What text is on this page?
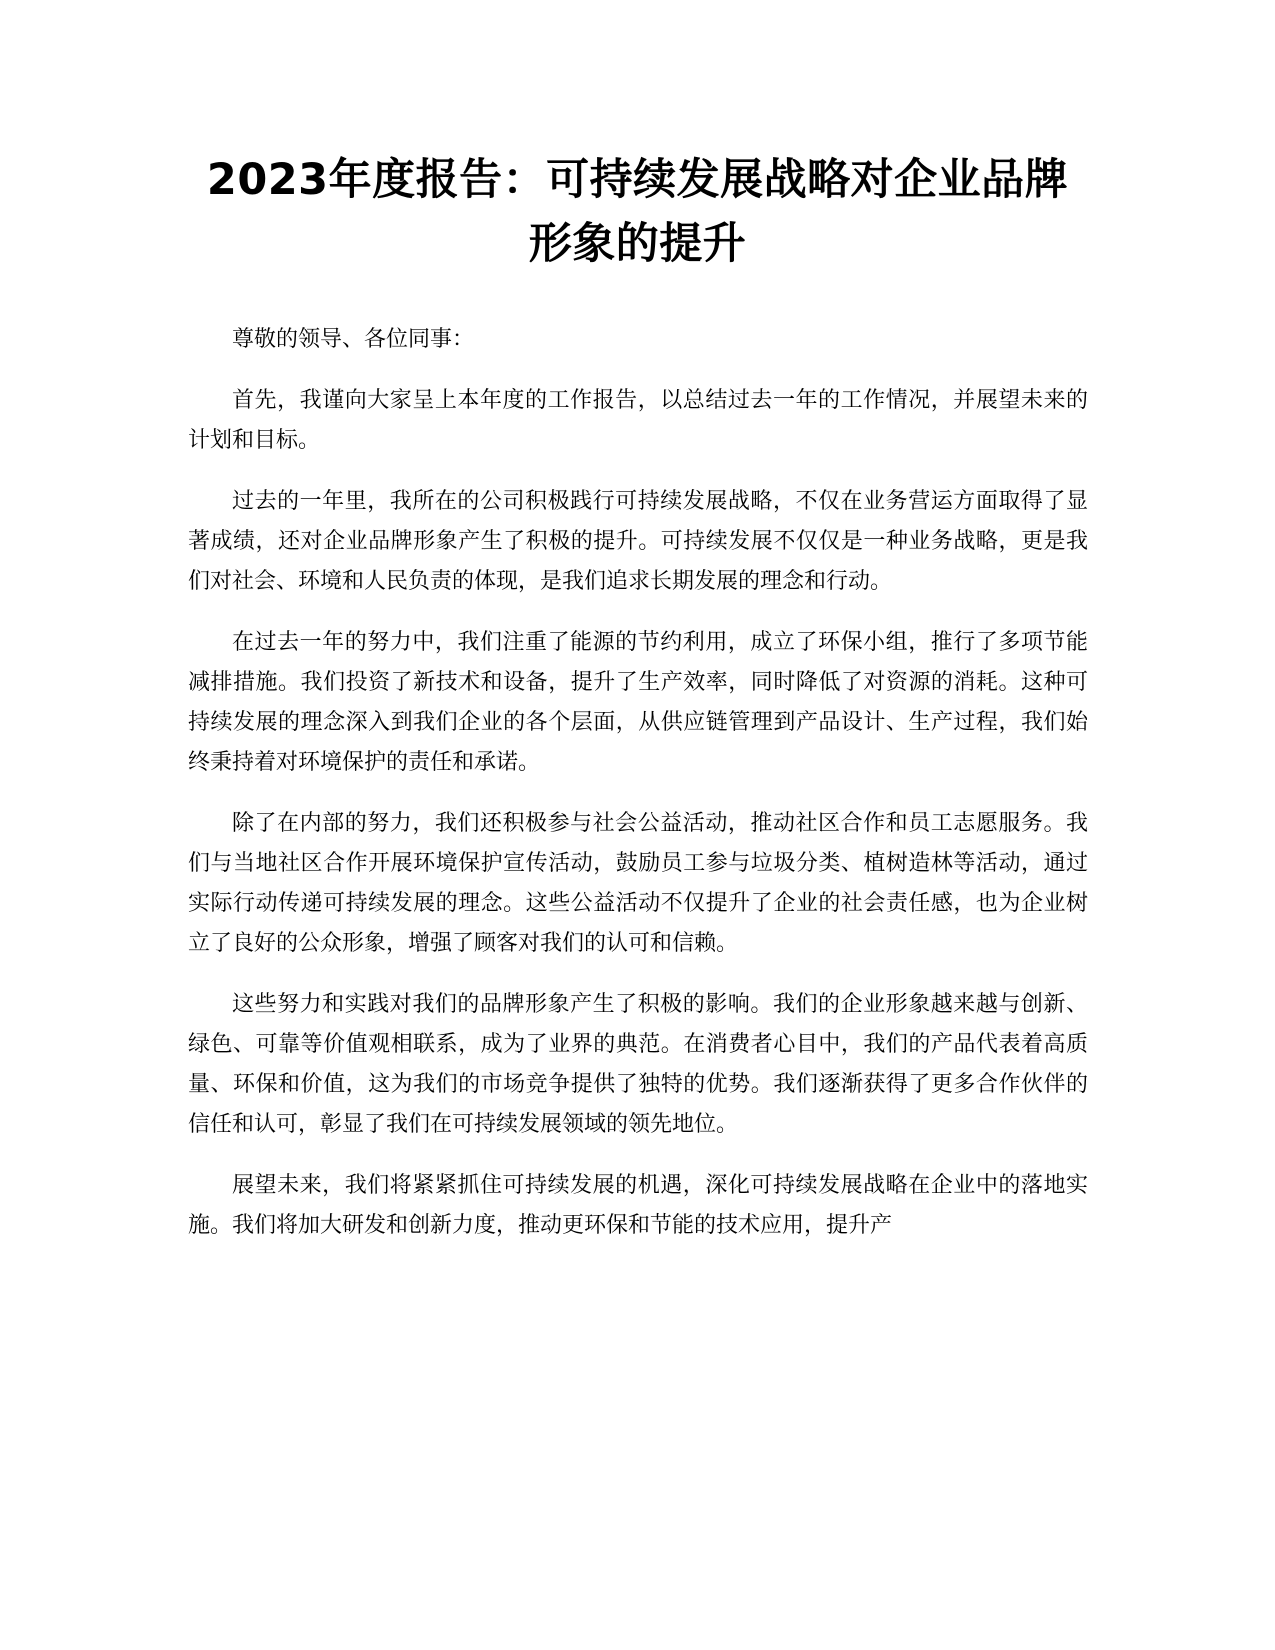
2023年度报告：可持续发展战略对企业品牌
形象的提升

尊敬的领导、各位同事：

首先，我谨向大家呈上本年度的工作报告，以总结过去一年的工作情况，并展望未来的计划和目标。

过去的一年里，我所在的公司积极践行可持续发展战略，不仅在业务营运方面取得了显著成绩，还对企业品牌形象产生了积极的提升。可持续发展不仅仅是一种业务战略，更是我们对社会、环境和人民负责的体现，是我们追求长期发展的理念和行动。

在过去一年的努力中，我们注重了能源的节约利用，成立了环保小组，推行了多项节能减排措施。我们投资了新技术和设备，提升了生产效率，同时降低了对资源的消耗。这种可持续发展的理念深入到我们企业的各个层面，从供应链管理到产品设计、生产过程，我们始终秉持着对环境保护的责任和承诺。

除了在内部的努力，我们还积极参与社会公益活动，推动社区合作和员工志愿服务。我们与当地社区合作开展环境保护宣传活动，鼓励员工参与垃圾分类、植树造林等活动，通过实际行动传递可持续发展的理念。这些公益活动不仅提升了企业的社会责任感，也为企业树立了良好的公众形象，增强了顾客对我们的认可和信赖。

这些努力和实践对我们的品牌形象产生了积极的影响。我们的企业形象越来越与创新、绿色、可靠等价值观相联系，成为了业界的典范。在消费者心目中，我们的产品代表着高质量、环保和价值，这为我们的市场竞争提供了独特的优势。我们逐渐获得了更多合作伙伴的信任和认可，彰显了我们在可持续发展领域的领先地位。

展望未来，我们将紧紧抓住可持续发展的机遇，深化可持续发展战略在企业中的落地实施。我们将加大研发和创新力度，推动更环保和节能的技术应用，提升产
